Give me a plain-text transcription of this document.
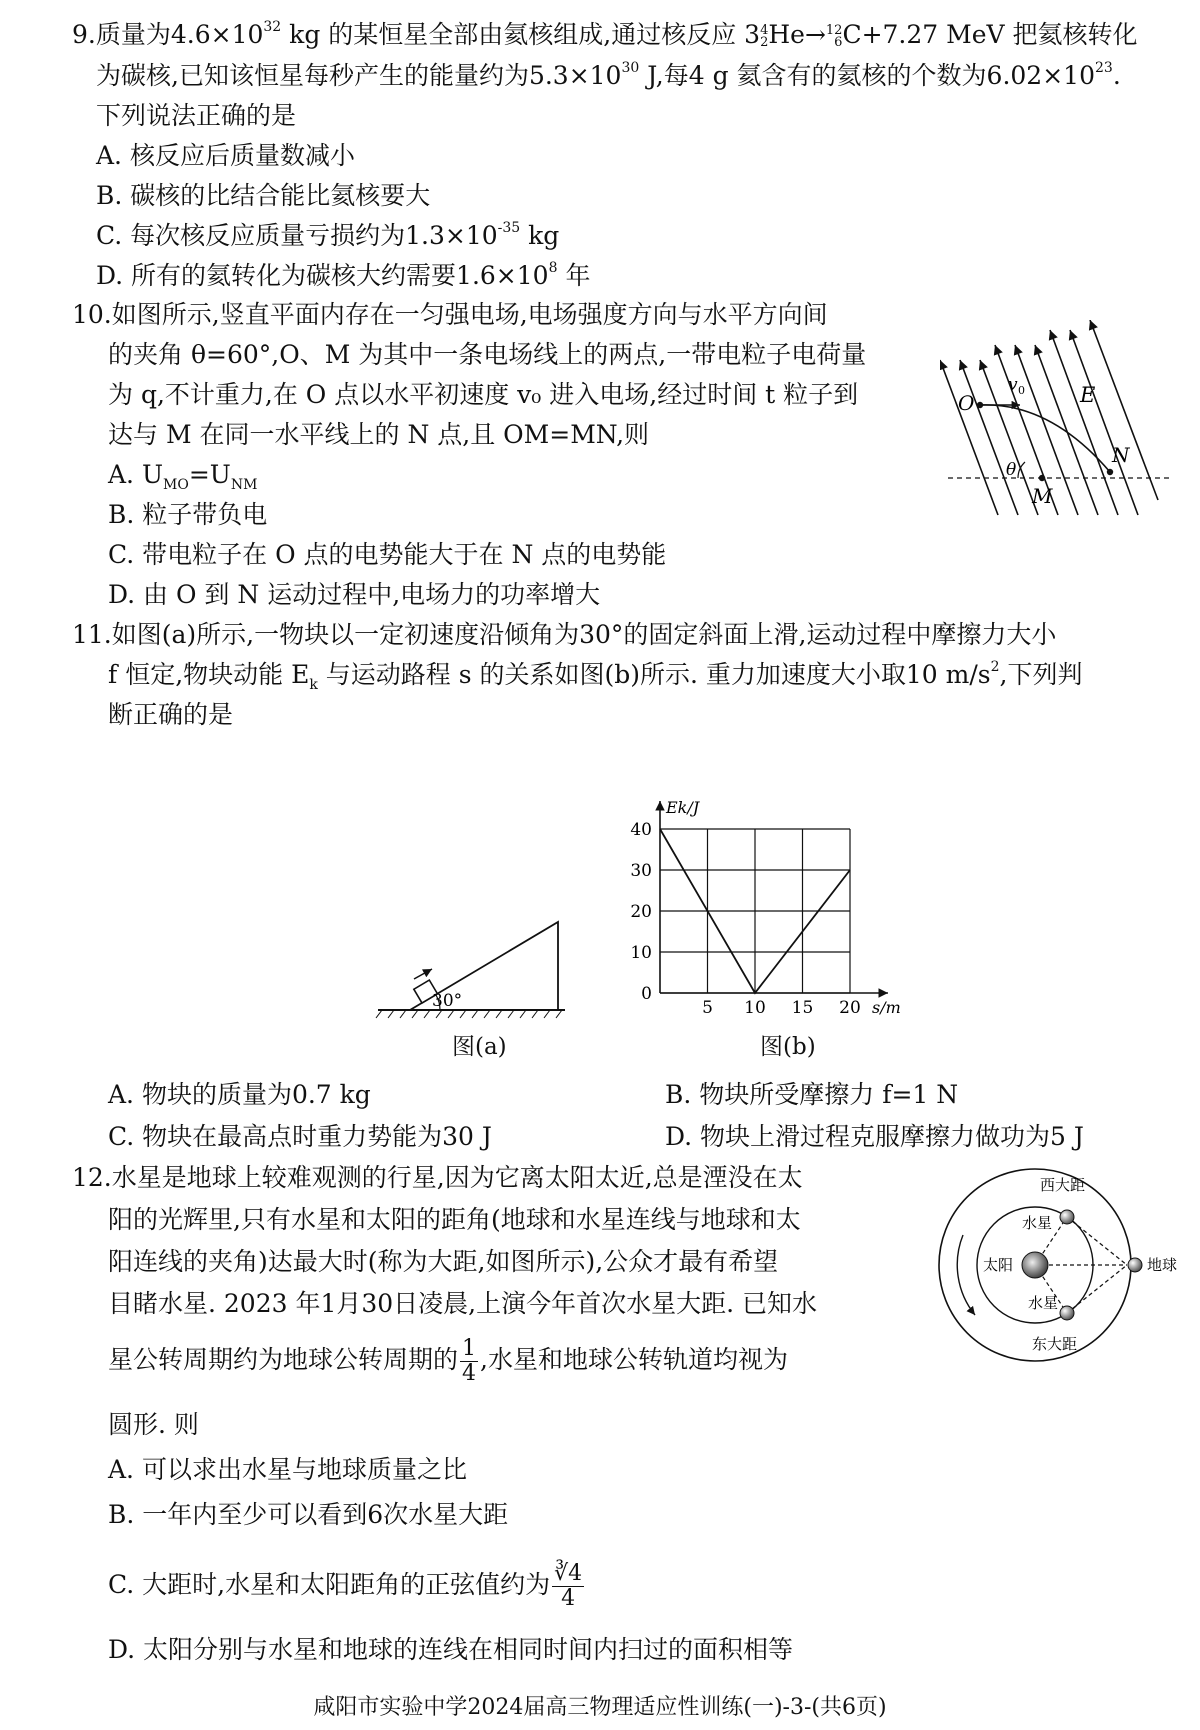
9.质量为$4.6\times 10^{32}$ kg 的某恒星全部由氦核组成,通过核反应 3 4
2 He→ 12
6 C+7.27 MeV 把氦核转化
为碳核,已知该恒星每秒产生的能量约为$5.3\times 10^{30}$ J,每4 g 氦含有的氦核的个数为$6.02\times 10^{23}$.
下列说法正确的是
A. 核反应后质量数减小
B. 碳核的比结合能比氦核要大
C. 每次核反应质量亏损约为$1.3\times 10^{-35}$ kg
D. 所有的氦转化为碳核大约需要$1.6\times 10^8$ 年
10.如图所示,竖直平面内存在一匀强电场,电场强度方向与水平方向间
的夹角 θ=60°,O、M 为其中一条电场线上的两点,一带电粒子电荷量
为 q,不计重力,在 O 点以水平初速度 v₀ 进入电场,经过时间 t 粒子到
达与 M 在同一水平线上的 N 点,且 OM=MN,则
A. $U_{MO}=U_{NM}$
B. 粒子带负电
C. 带电粒子在 O 点的电势能大于在 N 点的电势能
D. 由 O 到 N 运动过程中,电场力的功率增大
O
v 0	E
N
θ
M
11.如图(a)所示,一物块以一定初速度沿倾角为30°的固定斜面上滑,运动过程中摩擦力大小
f 恒定,物块动能 $E_k$ 与运动路程 s 的关系如图(b)所示. 重力加速度大小取10 $m/s^2$,下列判
断正确的是
30°
图(a)
5 10 15 20
0
10
20
30
40
Ek/J
s/m
图(b)
A. 物块的质量为0.7 kg	B. 物块所受摩擦力 f=1 N
C. 物块在最高点时重力势能为30 J	D. 物块上滑过程克服摩擦力做功为5 J
12.水星是地球上较难观测的行星,因为它离太阳太近,总是湮没在太
阳的光辉里,只有水星和太阳的距角(地球和水星连线与地球和太
阳连线的夹角)达最大时(称为大距,如图所示),公众才最有希望
目睹水星. 2023 年1月30日凌晨,上演今年首次水星大距. 已知水
星公转周期约为地球公转周期的 $\frac{1}{4}$ ,水星和地球公转轨道均视为
圆形. 则
A. 可以求出水星与地球质量之比
B. 一年内至少可以看到6次水星大距
C. 大距时,水星和太阳距角的正弦值约为 $\frac{∛4}{4}$
D. 太阳分别与水星和地球的连线在相同时间内扫过的面积相等
西大距
水星
太阳	地球
水星
东大距
咸阳市实验中学2024届高三物理适应性训练(一)-3-(共6页)
